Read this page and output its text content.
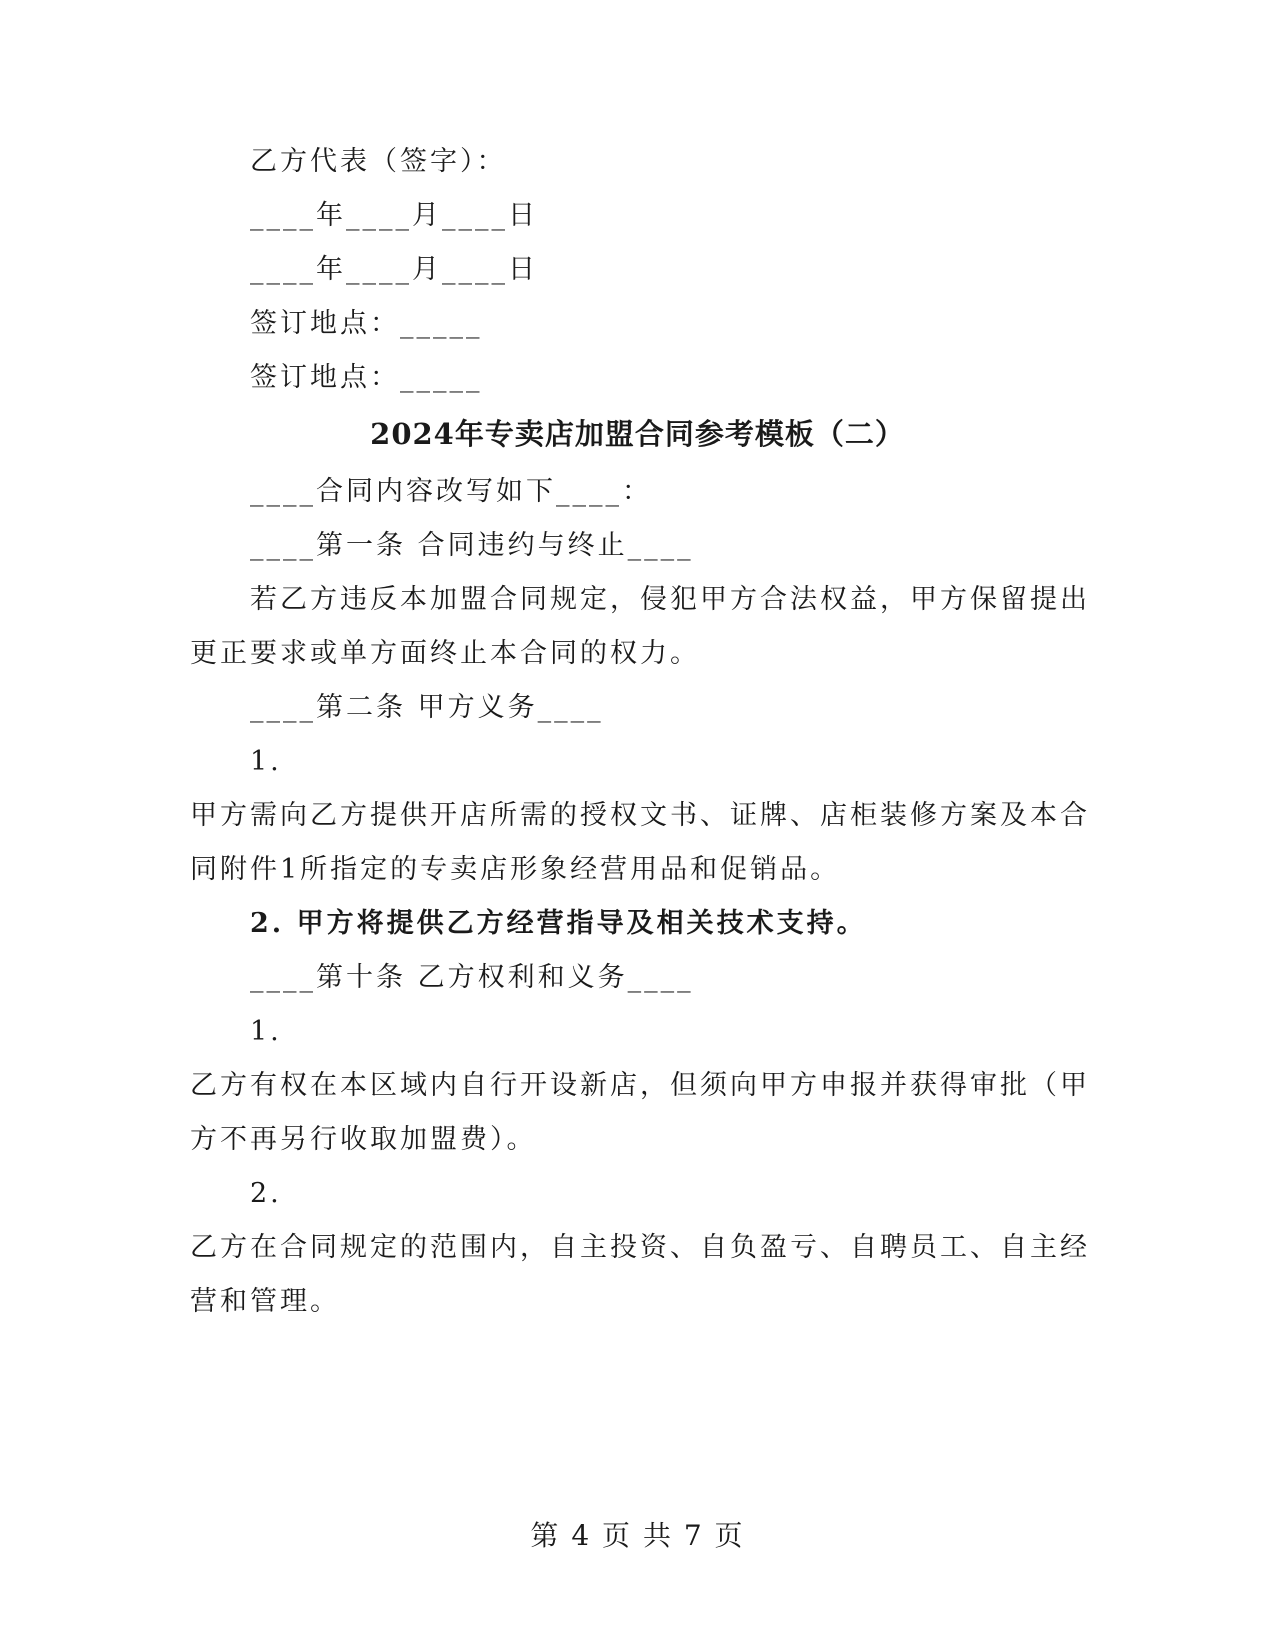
乙方代表（签字）：
____年____月____日
____年____月____日
签订地点：_____
签订地点：_____
2024年专卖店加盟合同参考模板（二）
____合同内容改写如下____：
____第一条 合同违约与终止____
若乙方违反本加盟合同规定，侵犯甲方合法权益，甲方保留提出
更正要求或单方面终止本合同的权力。
____第二条 甲方义务____
1.
甲方需向乙方提供开店所需的授权文书、证牌、店柜装修方案及本合
同附件1所指定的专卖店形象经营用品和促销品。
2. 甲方将提供乙方经营指导及相关技术支持。
____第十条 乙方权利和义务____
1.
乙方有权在本区域内自行开设新店，但须向甲方申报并获得审批（甲
方不再另行收取加盟费）。
2.
乙方在合同规定的范围内，自主投资、自负盈亏、自聘员工、自主经
营和管理。
第 4 页 共 7 页
